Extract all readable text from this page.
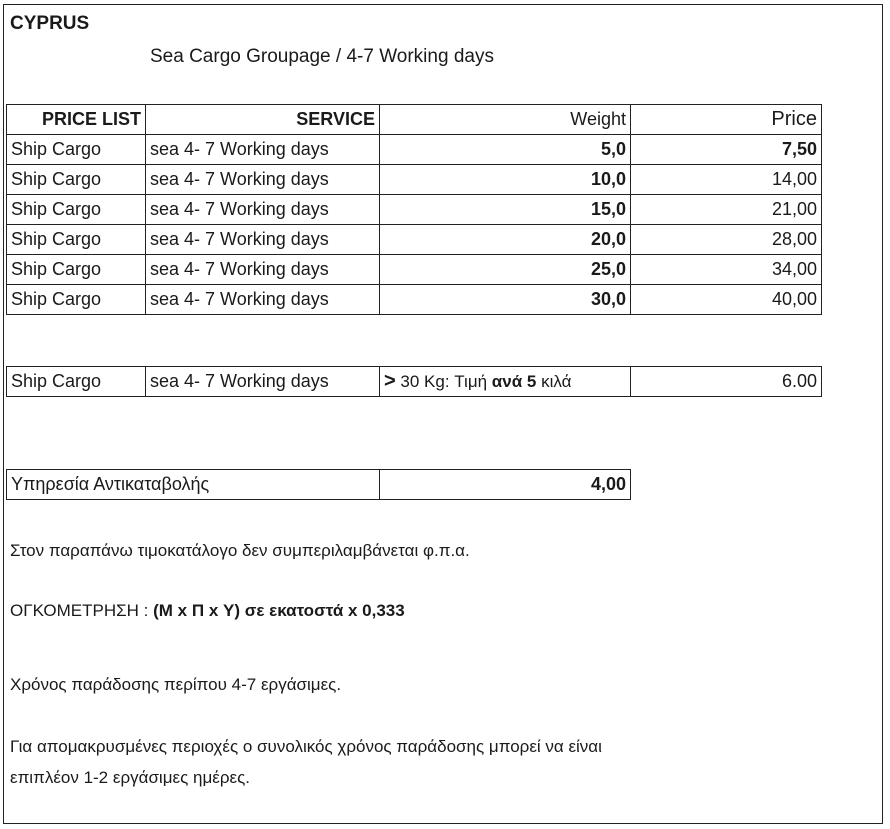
CYPRUS
Sea Cargo Groupage / 4-7 Working days
PRICE LIST	SERVICE	Weight	Price
Ship Cargo	sea 4- 7 Working days	5,0	7,50
Ship Cargo	sea 4- 7 Working days	10,0	14,00
Ship Cargo	sea 4- 7 Working days	15,0	21,00
Ship Cargo	sea 4- 7 Working days	20,0	28,00
Ship Cargo	sea 4- 7 Working days	25,0	34,00
Ship Cargo	sea 4- 7 Working days	30,0	40,00
Ship Cargo	sea 4- 7 Working days	> 30 Kg: Τιμή ανά 5 κιλά	6.00
Υπηρεσία Αντικαταβολής	4,00
Στον παραπάνω τιμοκατάλογο δεν συμπεριλαμβάνεται φ.π.α.
ΟΓΚΟΜΕΤΡΗΣΗ : (Μ x Π x Υ) σε εκατοστά x 0,333
Χρόνος παράδοσης περίπου 4-7 εργάσιμες.
Για απομακρυσμένες περιοχές ο συνολικός χρόνος παράδοσης μπορεί να είναι
επιπλέον 1-2 εργάσιμες ημέρες.
